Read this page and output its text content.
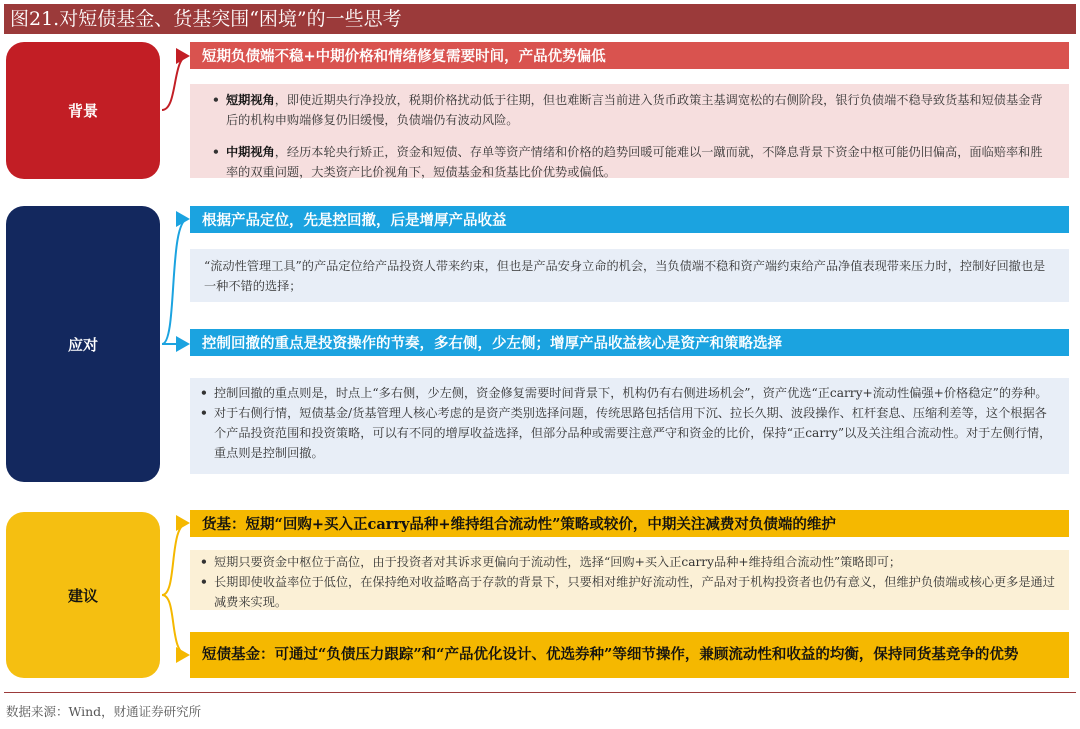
图21.对短债基金、货基突围“困境”的一些思考
背景
短期负债端不稳+中期价格和情绪修复需要时间，产品优势偏低
• 短期视角，即使近期央行净投放，税期价格扰动低于往期，但也难断言当前进入货币政策主基调宽松的右侧阶段，银行负债端不稳导致货基和短债基金背后的机构申购端修复仍旧缓慢，负债端仍有波动风险。
• 中期视角，经历本轮央行矫正，资金和短债、存单等资产情绪和价格的趋势回暖可能难以一蹴而就，不降息背景下资金中枢可能仍旧偏高，面临赔率和胜率的双重问题，大类资产比价视角下，短债基金和货基比价优势或偏低。
应对
根据产品定位，先是控回撤，后是增厚产品收益
“流动性管理工具”的产品定位给产品投资人带来约束，但也是产品安身立命的机会，当负债端不稳和资产端约束给产品净值表现带来压力时，控制好回撤也是一种不错的选择；
控制回撤的重点是投资操作的节奏，多右侧，少左侧；增厚产品收益核心是资产和策略选择
• 控制回撤的重点则是，时点上“多右侧，少左侧，资金修复需要时间背景下，机构仍有右侧进场机会”，资产优选“正carry+流动性偏强+价格稳定”的券种。
• 对于右侧行情，短债基金/货基管理人核心考虑的是资产类别选择问题，传统思路包括信用下沉、拉长久期、波段操作、杠杆套息、压缩利差等，这个根据各个产品投资范围和投资策略，可以有不同的增厚收益选择，但部分品种或需要注意严守和资金的比价，保持“正carry”以及关注组合流动性。对于左侧行情，重点则是控制回撤。
建议
货基：短期“回购+买入正carry品种+维持组合流动性”策略或较价，中期关注减费对负债端的维护
• 短期只要资金中枢位于高位，由于投资者对其诉求更偏向于流动性，选择“回购+买入正carry品种+维持组合流动性”策略即可；
• 长期即使收益率位于低位，在保持绝对收益略高于存款的背景下，只要相对维护好流动性，产品对于机构投资者也仍有意义，但维护负债端或核心更多是通过减费来实现。
短债基金：可通过“负债压力跟踪”和“产品优化设计、优选券种”等细节操作，兼顾流动性和收益的均衡，保持同货基竞争的优势
数据来源：Wind，财通证券研究所
